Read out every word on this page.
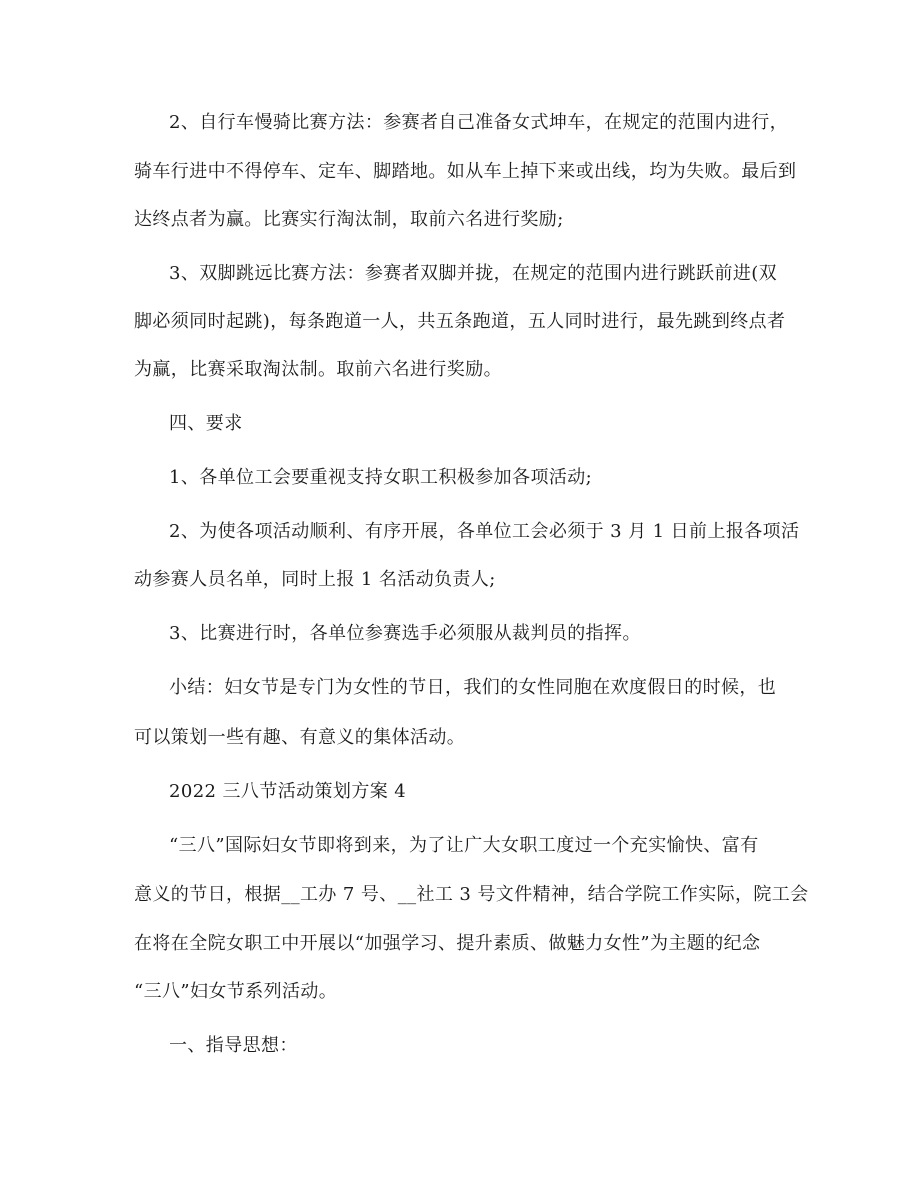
2、自行车慢骑比赛方法：参赛者自己准备女式坤车，在规定的范围内进行，
骑车行进中不得停车、定车、脚踏地。如从车上掉下来或出线，均为失败。最后到
达终点者为赢。比赛实行淘汰制，取前六名进行奖励;
3、双脚跳远比赛方法：参赛者双脚并拢，在规定的范围内进行跳跃前进(双
脚必须同时起跳)，每条跑道一人，共五条跑道，五人同时进行，最先跳到终点者
为赢，比赛采取淘汰制。取前六名进行奖励。
四、要求
1、各单位工会要重视支持女职工积极参加各项活动;
2、为使各项活动顺利、有序开展，各单位工会必须于 3 月 1 日前上报各项活
动参赛人员名单，同时上报 1 名活动负责人;
3、比赛进行时，各单位参赛选手必须服从裁判员的指挥。
小结：妇女节是专门为女性的节日，我们的女性同胞在欢度假日的时候，也
可以策划一些有趣、有意义的集体活动。
2022 三八节活动策划方案 4
“三八”国际妇女节即将到来，为了让广大女职工度过一个充实愉快、富有
意义的节日，根据__工办 7 号、__社工 3 号文件精神，结合学院工作实际，院工会
在将在全院女职工中开展以“加强学习、提升素质、做魅力女性”为主题的纪念
“三八”妇女节系列活动。
一、指导思想：
